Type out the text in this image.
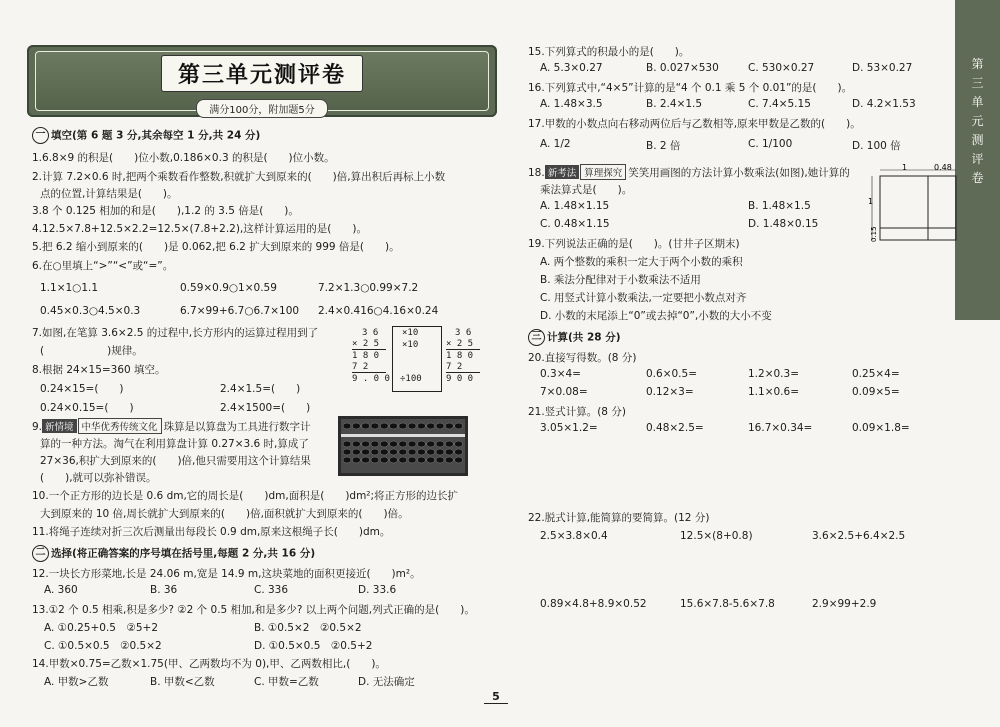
第三单元测评卷
满分100分，附加题5分
第
三
单
元
测
评
卷
一 填空(第 6 题 3 分,其余每空 1 分,共 24 分)
1.6.8×9 的积是(　　)位小数,0.186×0.3 的积是(　　)位小数。
2.计算 7.2×0.6 时,把两个乘数看作整数,积就扩大到原来的(　　)倍,算出积后再标上小数
点的位置,计算结果是(　　)。
3.8 个 0.125 相加的和是(　　),1.2 的 3.5 倍是(　　)。
4.12.5×7.8+12.5×2.2=12.5×(7.8+2.2),这样计算运用的是(　　)。
5.把 6.2 缩小到原来的(　　)是 0.062,把 6.2 扩大到原来的 999 倍是(　　)。
6.在○里填上“>”“<”或“=”。
1.1×1○1.1	0.59×0.9○1×0.59	7.2×1.3○0.99×7.2
0.45×0.3○4.5×0.3	6.7×99+6.7○6.7×100 2.4×0.416○4.16×0.24
7.如图,在笔算 3.6×2.5 的过程中,长方形内的运算过程用到了
(　　　　　　)规律。
3 6
× 2 5
1 8 0
7 2
9 . 0 0
×10
×10
÷100
3 6
× 2 5
1 8 0
7 2
9 0 0
8.根据 24×15=360 填空。
0.24×15=(　　)	2.4×1.5=(　　)
0.24×0.15=(　　)	2.4×1500=(　　)
9. 新情境 中华优秀传统文化 珠算是以算盘为工具进行数字计
算的一种方法。淘气在利用算盘计算 0.27×3.6 时,算成了
27×36,积扩大到原来的(　　)倍,他只需要用这个计算结果
(　　),就可以弥补错误。
10.一个正方形的边长是 0.6 dm,它的周长是(　　)dm,面积是(　　)dm²;将正方形的边长扩
大到原来的 10 倍,周长就扩大到原来的(　　)倍,面积就扩大到原来的(　　)倍。
11.将绳子连续对折三次后测量出每段长 0.9 dm,原来这根绳子长(　　)dm。
二 选择(将正确答案的序号填在括号里,每题 2 分,共 16 分)
12.一块长方形菜地,长是 24.06 m,宽是 14.9 m,这块菜地的面积更接近(　　)m²。
A. 360	B. 36	C. 336	D. 33.6
13.①2 个 0.5 相乘,积是多少? ②2 个 0.5 相加,和是多少? 以上两个问题,列式正确的是(　　)。
A. ①0.25+0.5　②5+2	B. ①0.5×2　②0.5×2
C. ①0.5×0.5　②0.5×2	D. ①0.5×0.5　②0.5+2
14.甲数×0.75=乙数×1.75(甲、乙两数均不为 0),甲、乙两数相比,(　　)。
A. 甲数>乙数	B. 甲数<乙数	C. 甲数=乙数	D. 无法确定
15.下列算式的积最小的是(　　)。
A. 5.3×0.27	B. 0.027×530	C. 530×0.27	D. 53×0.27
16.下列算式中,“4×5”计算的是“4 个 0.1 乘 5 个 0.01”的是(　　)。
A. 1.48×3.5	B. 2.4×1.5	C. 7.4×5.15	D. 4.2×1.53
17.甲数的小数点向右移动两位后与乙数相等,原来甲数是乙数的(　　)。
A. 1/2	B. 2 倍	C. 1/100	D. 100 倍
18. 新考法 算理探究 笑笑用画图的方法计算小数乘法(如图),她计算的
乘法算式是(　　)。
A. 1.48×1.15	B. 1.48×1.5
C. 0.48×1.15	D. 1.48×0.15
1	0.48
1
0.15
19.下列说法正确的是(　　)。(甘井子区期末)
A. 两个整数的乘积一定大于两个小数的乘积
B. 乘法分配律对于小数乘法不适用
C. 用竖式计算小数乘法,一定要把小数点对齐
D. 小数的末尾添上“0”或去掉“0”,小数的大小不变
三 计算(共 28 分)
20.直接写得数。(8 分)
0.3×4=	0.6×0.5=	1.2×0.3=	0.25×4=
7×0.08=	0.12×3=	1.1×0.6=	0.09×5=
21.竖式计算。(8 分)
3.05×1.2=	0.48×2.5=	16.7×0.34=	0.09×1.8=
22.脱式计算,能简算的要简算。(12 分)
2.5×3.8×0.4	12.5×(8+0.8)	3.6×2.5+6.4×2.5
0.89×4.8+8.9×0.52	15.6×7.8-5.6×7.8	2.9×99+2.9
5
